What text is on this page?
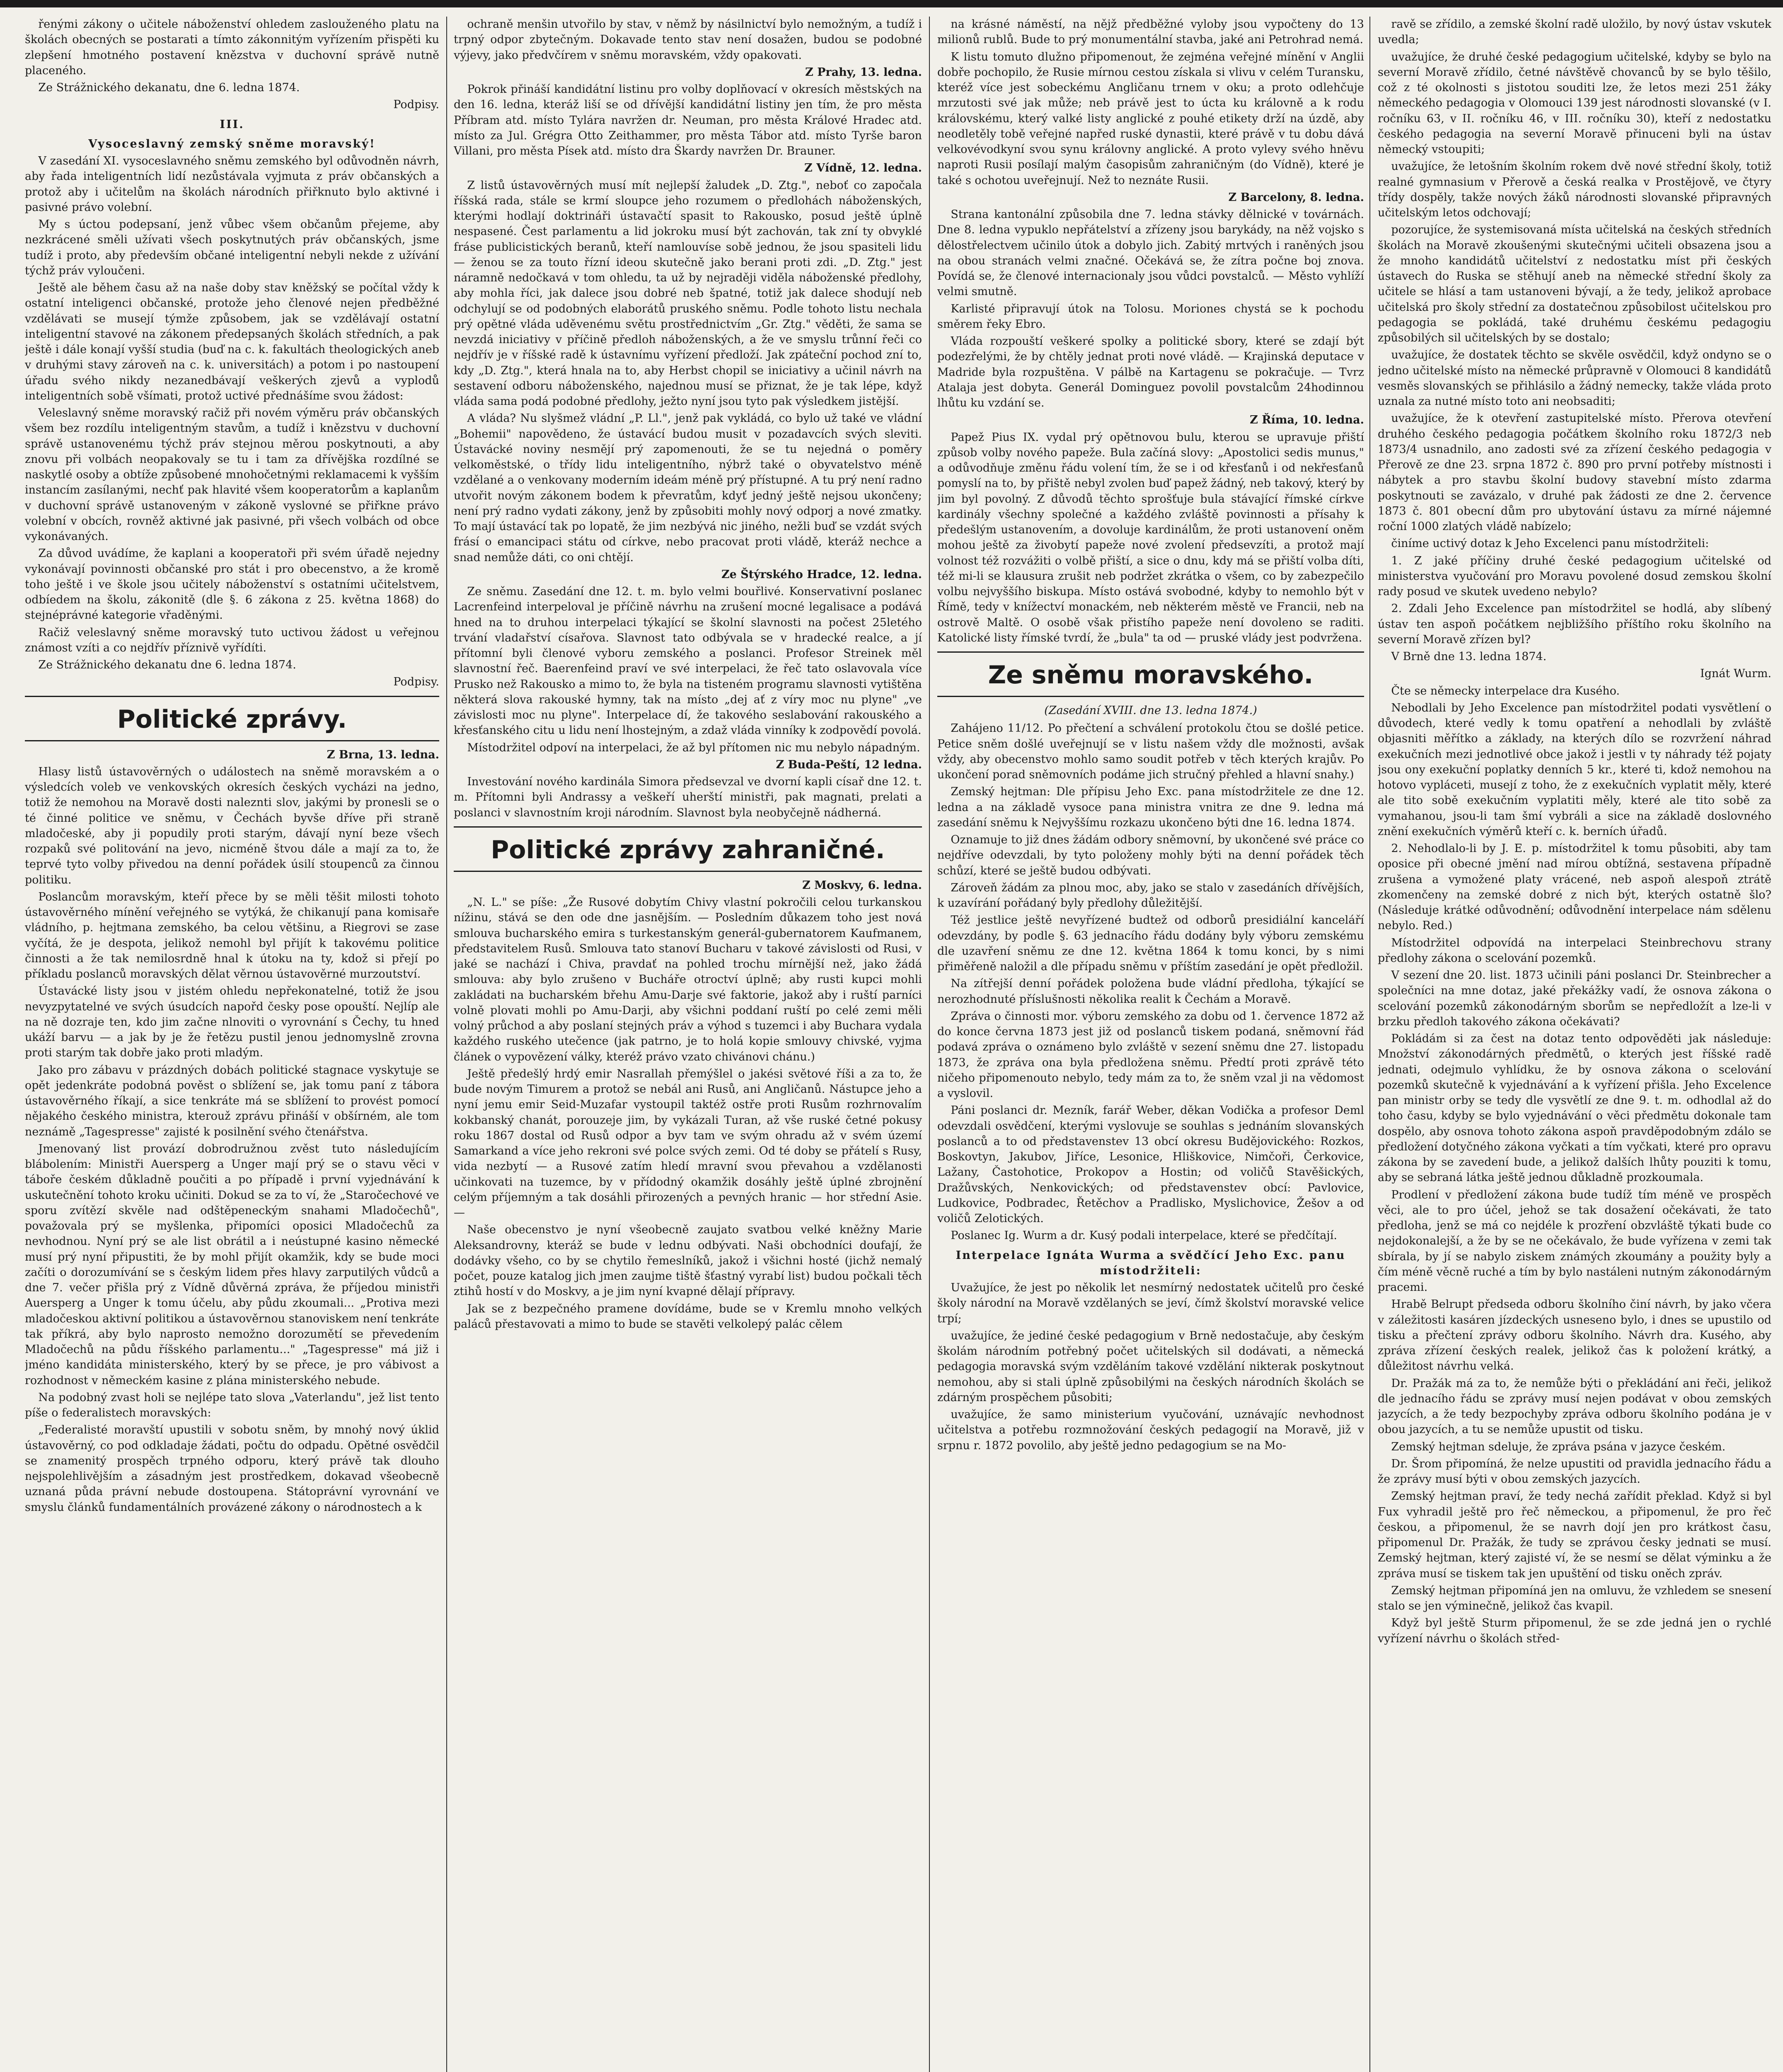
řenými zákony o učitele náboženství ohledem zaslouženého platu na školách obecných se postarati a tímto zákonnitým vyřízením přispěti ku zlepšení hmotného postavení knězstva v duchovní správě nutně placeného.

Ze Strážnického dekanatu, dne 6. ledna 1874.

Podpisy.
III.
Vysoceslavný zemský sněme moravský!

V zasedání XI. vysoceslavného sněmu zemského byl odůvodněn návrh, aby řada inteligentních lidí nezůstávala vyjmuta z práv občanských a protož aby i učitelům na školách národních přiřknuto bylo aktivné i pasivné právo volební.

My s úctou podepsaní, jenž vůbec všem občanům přejeme, aby nezkrácené směli užívati všech poskytnutých práv občanských, jsme tudíž i proto, aby především občané inteligentní nebyli nekde z užívání týchž práv vyloučeni.

Ještě ale během času až na naše doby stav kněžský se počítal vždy k ostatní inteligenci občanské, protože jeho členové nejen předběžné vzdělávati se musejí týmže způsobem, jak se vzdělávají ostatní inteligentní stavové na zákonem předepsaných školách středních, a pak ještě i dále konají vyšší studia (buď na c. k. fakultách theologických aneb v druhými stavy zároveň na c. k. universitách) a potom i po nastoupení úřadu svého nikdy nezanedbávají veškerých zjevů a vyplodů inteligentních sobě všímati, protož uctivé přednášíme svou žádost:

Veleslavný sněme moravský račiž při novém výměru práv občanských všem bez rozdílu inteligentným stavům, a tudíž i knězstvu v duchovní správě ustanovenému týchž práv stejnou měrou poskytnouti, a aby znovu při volbách neopakovaly se tu i tam za dřívějška rozdílné se naskytlé osoby a obtíže způsobené mnohočetnými reklamacemi k vyšším instancím zasílanými, nechť pak hlavité všem kooperatorům a kaplanům v duchovní správě ustanoveným v zákoně vyslovné se přiřkne právo volební v obcích, rovněž aktivné jak pasivné, při všech volbách od obce vykonávaných.

Za důvod uvádíme, že kaplani a kooperatoři při svém úřadě nejedny vykonávají povinnosti občanské pro stát i pro obecenstvo, a že kromě toho ještě i ve škole jsou učitely náboženství s ostatními učitelstvem, odbíedem na školu, zákonitě (dle §. 6 zákona z 25. května 1868) do stejnéprávné kategorie vřaděnými.

Račiž veleslavný sněme moravský tuto uctivou žádost u veřejnou známost vzíti a co nejdřív příznivě vyřídíti.

Ze Strážnického dekanatu dne 6. ledna 1874.

Podpisy.
Politické zprávy.
Z Brna, 13. ledna.

Hlasy listů ústavověrných o událostech na sněmě moravském a o výsledcích voleb ve venkovských okresích českých vycházi na jedno, totiž že nemohou na Moravě dosti naleznti slov, jakými by pronesli se o té činné politice ve sněmu, v Čechách byvše dříve při straně mladočeské, aby ji popudily proti starým, dávají nyní beze všech rozpaků své politování na jevo, nicméně štvou dále a mají za to, že teprvé tyto volby přivedou na denní pořádek úsilí stoupenců za činnou politiku.

Poslancům moravským, kteří přece by se měli těšit milosti tohoto ústavověrného mínění veřejného se vytýká, že chikanují pana komisaře vládního, p. hejtmana zemského, ba celou většinu, a Riegrovi se zase vyčítá, že je despota, jelikož nemohl byl přijít k takovému politice činnosti a že tak nemilosrdně hnal k útoku na ty, kdož si přejí po příkladu poslanců moravských dělat věrnou ústavověrné murzoutství.

Ústavácké listy jsou v jistém ohledu nepřekonatelné, totiž že jsou nevyzpytatelné ve svých úsudcích napořd česky pose opouští. Nejlíp ale na ně dozraje ten, kdo jim začne nlnoviti o vyrovnání s Čechy, tu hned ukáží barvu — a jak by je že řetězu pustil jenou jednomyslně zrovna proti starým tak dobře jako proti mladým.

Jako pro zábavu v prázdných dobách politické stagnace vyskytuje se opět jedenkráte podobná pověst o sblížení se, jak tomu paní z tábora ústavověrného říkají, a sice tenkráte má se sblížení to provést pomocí nějakého českého ministra, kterouž zprávu přináší v obšírném, ale tom neznámě „Tagespresse" zajisté k posilnění svého čtenářstva.

Jmenovaný list provází dobrodružnou zvěst tuto následujícím blábolením: Ministři Auersperg a Unger mají prý se o stavu věci v táboře českém důkladně poučiti a po případě i první vyjednávání k uskutečnění tohoto kroku učiniti. Dokud se za to ví, že „Staročechové ve sporu zvítězí skvěle nad odštěpeneckým snahami Mladočechů", považovala prý se myšlenka, připomíci oposici Mladočechů za nevhodnou. Nyní prý se ale list obrátil a i neústupné kasino německé musí prý nyní připustiti, že by mohl přijít okamžik, kdy se bude moci začíti o dorozumívání se s českým lidem přes hlavy zarputilých vůdců a dne 7. večer přišla prý z Vídně důvěrná zpráva, že příjedou ministři Auersperg a Unger k tomu účelu, aby půdu zkoumali... „Protiva mezi mladočeskou aktivní politikou a ústavověrnou stanoviskem není tenkráte tak příkrá, aby bylo naprosto nemožno dorozumětí se převedením Mladočechů na půdu říšského parlamentu..." „Tagespresse" má již i jméno kandidáta ministerského, který by se přece, je pro vábivost a rozhodnost v německém kasine z plána ministerského nebude.

Na podobný zvast holi se nejlépe tato slova „Vaterlandu", jež list tento píše o federalistech moravských:

„Federalisté moravští upustili v sobotu sněm, by mnohý nový úklid ústavověrný, co pod odkladaje žádati, počtu do odpadu. Opětné osvědčil se znamenitý prospěch trpného odporu, který právě tak dlouho nejspolehlivějším a zásadným jest prostředkem, dokavad všeobecně uznaná půda právní nebude dostoupena. Státoprávní vyrovnání ve smyslu článků fundamentálních provázené zákony o národnostech a k

ochraně menšin utvořilo by stav, v němž by násilnictví bylo nemožným, a tudíž i trpný odpor zbytečným. Dokavade tento stav není dosažen, budou se podobné výjevy, jako předvčírem v sněmu moravském, vždy opakovati.

Z Prahy, 13. ledna.

Pokrok přináší kandidátní listinu pro volby doplňovací v okresích městských na den 16. ledna, kteráž liší se od dřívější kandidátní listiny jen tím, že pro města Příbram atd. místo Tylára navržen dr. Neuman, pro města Králové Hradec atd. místo za Jul. Grégra Otto Zeithammer, pro města Tábor atd. místo Tyrše baron Villani, pro města Písek atd. místo dra Škardy navržen Dr. Brauner.

Z Vídně, 12. ledna.

Z listů ústavověrných musí mít nejlepší žaludek „D. Ztg.", neboť co započala říšská rada, stále se krmí sloupce jeho rozumem o předlohách náboženských, kterými hodlají doktrináři ústavačtí spasit to Rakousko, posud ještě úplně nespasené. Čest parlamentu a lid jokroku musí být zachován, tak zní ty obvyklé fráse publicistických beranů, kteří namlouvíse sobě jednou, že jsou spasiteli lidu — ženou se za touto řízní ideou skutečně jako berani proti zdi. „D. Ztg." jest náramně nedočkavá v tom ohledu, ta už by nejraději viděla náboženské předlohy, aby mohla říci, jak dalece jsou dobré neb špatné, totiž jak dalece shodují neb odchylují se od podobných elaborátů pruského sněmu. Podle tohoto listu nechala prý opětné vláda uděvenému světu prostřednictvím „Gr. Ztg." věděti, že sama se nevzdá iniciativy v příčině předloh náboženských, a že ve smyslu trůnní řeči co nejdřív je v říšské radě k ústavnímu vyřízení předloží. Jak zpáteční pochod zní to, kdy „D. Ztg.", která hnala na to, aby Herbst chopil se iniciativy a učinil návrh na sestavení odboru náboženského, najednou musí se přiznat, že je tak lépe, když vláda sama podá podobné předlohy, ježto nyní jsou tyto pak výsledkem jistější.

A vláda? Nu slyšmež vládní „P. Ll.", jenž pak vykládá, co bylo už také ve vládní „Bohemii" napovědeno, že ústavácí budou musit v pozadavcích svých sleviti. Ústavácké noviny nesmějí prý zapomenouti, že se tu nejedná o poměry velkoměstské, o třídy lidu inteligentního, nýbrž také o obyvatelstvo méně vzdělané a o venkovany moderním ideám méně prý přístupné. A tu prý není radno utvořit novým zákonem bodem k převratům, kdyť jedný ještě nejsou ukončeny; není prý radno vydati zákony, jenž by způsobiti mohly nový odporj a nové zmatky. To mají ústavácí tak po lopatě, že jim nezbývá nic jiného, nežli buď se vzdát svých frásí o emancipaci státu od církve, nebo pracovat proti vládě, kteráž nechce a snad nemůže dáti, co oni chtějí.

Ze Štýrského Hradce, 12. ledna.

Ze sněmu. Zasedání dne 12. t. m. bylo velmi bouřlivé. Konservativní poslanec Lacrenfeind interpeloval je příčině návrhu na zrušení mocné legalisace a podává hned na to druhou interpelaci týkající se školní slavnosti na počest 25letého trvání vladařství císařova. Slavnost tato odbývala se v hradecké realce, a jí přítomní byli členové vyboru zemského a poslanci. Profesor Streinek měl slavnostní řeč. Baerenfeind praví ve své interpelaci, že řeč tato oslavovala více Prusko než Rakousko a mimo to, že byla na tisteném programu slavnosti vytištěna některá slova rakouské hymny, tak na místo „dej ať z víry moc nu plyne" „ve závislosti moc nu plyne". Interpelace dí, že takového seslabování rakouského a křesťanského citu u lidu není lhostejným, a zdaž vláda vinníky k zodpovědí povolá.

Místodržitel odpoví na interpelaci, že až byl přítomen nic mu nebylo nápadným.

Z Buda-Peští, 12 ledna.

Investování nového kardinála Simora předsevzal ve dvorní kapli císař dne 12. t. m. Přítomni byli Andrassy a veškeří uherští ministři, pak magnati, prelati a poslanci v slavnostním kroji národním. Slavnost byla neobyčejně nádherná.

Politické zprávy zahraničné.
Z Moskvy, 6. ledna.

„N. L." se píše: „Že Rusové dobytím Chivy vlastní pokročili celou turkanskou nížinu, stává se den ode dne jasnějším. — Posledním důkazem toho jest nová smlouva bucharského emira s turkestanským generál-gubernatorem Kaufmanem, představitelem Rusů. Smlouva tato stanoví Bucharu v takové závislosti od Rusi, v jaké se nachází i Chiva, pravdať na pohled trochu mírnější než, jako žádá smlouva: aby bylo zrušeno v Bucháře otroctví úplně; aby rusti kupci mohli zakládati na bucharském břehu Amu-Darje své faktorie, jakož aby i ruští parníci volně plovati mohli po Amu-Darji, aby všichni poddaní ruští po celé zemi měli volný průchod a aby poslaní stejných práv a výhod s tuzemci i aby Buchara vydala každého ruského utečence (jak patrno, je to holá kopie smlouvy chivské, vyjma článek o vypovězení války, kteréž právo vzato chivánovi chánu.)

Ještě předešlý hrdý emir Nasrallah přemýšlel o jakési světové říši a za to, že bude novým Timurem a protož se nebál ani Rusů, ani Angličanů. Nástupce jeho a nyní jemu emir Seid-Muzafar vystoupil taktéž ostře proti Rusům rozhrnovalím kokbanský chanát, porouzeje jim, by vykázali Turan, až vše ruské četné pokusy roku 1867 dostal od Rusů odpor a byv tam ve svým ohradu až v svém území Samarkand a více jeho rekroni své polce svých zemi. Od té doby se přátelí s Rusy, vida nezbytí — a Rusové zatím hledí mravní svou převahou a vzdělanosti učinkovati na tuzemce, by v přídodný okamžik dosáhly ještě úplné zbrojnění celým příjemným a tak dosáhli přirozených a pevných hranic — hor střední Asie. —

Naše obecenstvo je nyní všeobecně zaujato svatbou velké kněžny Marie Aleksandrovny, kteráž se bude v lednu odbývati. Naši obchodníci doufají, že dodávky všeho, co by se chytilo řemeslníků, jakož i všichni hosté (jichž nemalý počet, pouze katalog jich jmen zaujme tiště šťastný vyrabí list) budou počkali těch ztihů hostí v do Moskvy, a je jim nyní kvapné dělají přípravy.

Jak se z bezpečného pramene dovídáme, bude se v Kremlu mnoho velkých paláců přestavovati a mimo to bude se stavěti velkolepý palác cělem

na krásné náměstí, na nějž předběžné vyloby jsou vypočteny do 13 milionů rublů. Bude to prý monumentální stavba, jaké ani Petrohrad nemá.

K listu tomuto dlužno připomenout, že zejména veřejné mínění v Anglii dobře pochopilo, že Rusie mírnou cestou získala si vlivu v celém Turansku, kteréž více jest sobeckému Angličanu trnem v oku; a proto odlehčuje mrzutosti své jak může; neb právě jest to úcta ku královně a k rodu královskému, který valké listy anglické z pouhé etikety drží na úzdě, aby neodletěly tobě veřejné napřed ruské dynastii, které právě v tu dobu dává velkovévodkyní svou synu královny anglické. A proto vylevy svého hněvu naproti Rusii posílají malým časopisům zahraničným (do Vídně), které je také s ochotou uveřejnují. Než to neznáte Rusii.

Z Barcelony, 8. ledna.

Strana kantonální způsobila dne 7. ledna stávky dělnické v továrnách. Dne 8. ledna vypuklo nepřátelství a zřízeny jsou barykády, na něž vojsko s dělostřelectvem učinilo útok a dobylo jich. Zabitý mrtvých i raněných jsou na obou stranách velmi značné. Očekává se, že zítra počne boj znova. Povídá se, že členové internacionaly jsou vůdci povstalců. — Město vyhlíží velmi smutně.

Karlisté připravují útok na Tolosu. Moriones chystá se k pochodu směrem řeky Ebro.

Vláda rozpouští veškeré spolky a politické sbory, které se zdají být podezřelými, že by chtěly jednat proti nové vládě. — Krajinská deputace v Madride byla rozpuštěna. V pálbě na Kartagenu se pokračuje. — Tvrz Atalaja jest dobyta. Generál Dominguez povolil povstalcům 24hodinnou lhůtu ku vzdání se.

Z Říma, 10. ledna.

Papež Pius IX. vydal prý opětnovou bulu, kterou se upravuje přiští způsob volby nového papeže. Bula začíná slovy: „Apostolici sedis munus," a odůvodňuje změnu řádu volení tím, že se i od křesťanů i od nekřesťanů pomyslí na to, by přiště nebyl zvolen buď papež žádný, neb takový, který by jim byl povolný. Z důvodů těchto sprošťuje bula stávající římské církve kardinály všechny společné a každého zvláště povinnosti a přísahy k předešlým ustanovením, a dovoluje kardinálům, že proti ustanovení oněm mohou ještě za živobytí papeže nové zvolení předsevzíti, a protož mají volnost též rozvážiti o volbě přiští, a sice o dnu, kdy má se přiští volba díti, též mi-li se klausura zrušit neb podržet zkrátka o všem, co by zabezpečilo volbu nejvyššího biskupa. Místo ostává svobodné, kdyby to nemohlo být v Římě, tedy v knížectví monackém, neb některém městě ve Francii, neb na ostrově Maltě. O osobě však přistího papeže není dovoleno se raditi. Katolické listy římské tvrdí, že „bula" ta od — pruské vlády jest podvržena.

Ze sněmu moravského.
(Zasedání XVIII. dne 13. ledna 1874.)

Zahájeno 11/12. Po přečtení a schválení protokolu čtou se došlé petice. Petice sněm došlé uveřejnují se v listu našem vždy dle možnosti, avšak vždy, aby obecenstvo mohlo samo soudit potřeb v těch kterých krajův. Po ukončení porad sněmovních podáme jich stručný přehled a hlavní snahy.)

Zemský hejtman: Dle přípisu Jeho Exc. pana místodržitele ze dne 12. ledna a na základě vysoce pana ministra vnitra ze dne 9. ledna má zasedání sněmu k Nejvyššímu rozkazu ukončeno býti dne 16. ledna 1874.

Oznamuje to již dnes žádám odbory sněmovní, by ukončené své práce co nejdříve odevzdali, by tyto položeny mohly býti na denní pořádek těch schůzí, které se ještě budou odbývati.

Zároveň žádám za plnou moc, aby, jako se stalo v zasedáních dřívějších, k uzavírání pořádaný byly předlohy důležitější.

Též jestlice ještě nevyřízené budtež od odborů presidiální kanceláří odevzdány, by podle §. 63 jednacího řádu dodány byly výboru zemskému dle uzavření sněmu ze dne 12. května 1864 k tomu konci, by s nimi přiměřeně naložil a dle případu sněmu v příštím zasedání je opět předložil.

Na zítřejší denní pořádek položena bude vládní předloha, týkající se nerozhodnuté příslušnosti několika realit k Čechám a Moravě.

Zpráva o činnosti mor. výboru zemského za dobu od 1. července 1872 až do konce června 1873 jest již od poslanců tiskem podaná, sněmovní řád podavá zpráva o oznámeno bylo zvláště v sezení sněmu dne 27. listopadu 1873, že zpráva ona byla předložena sněmu. Předtí proti zprávě této ničeho připomenouto nebylo, tedy mám za to, že sněm vzal ji na vědomost a vyslovil.

Páni poslanci dr. Mezník, farář Weber, děkan Vodička a profesor Deml odevzdali osvědčení, kterými vyslovuje se souhlas s jednáním slovanských poslanců a to od představenstev 13 obcí okresu Budějovického: Rozkos, Boskovtyn, Jakubov, Jiříce, Lesonice, Hliškovice, Nimčoři, Čerkovice, Lažany, Častohotice, Prokopov a Hostin; od voličů Stavěšických, Dražůvských, Nenkovických; od představenstev obcí: Pavlovice, Ludkovice, Podbradec, Řetěchov a Pradlisko, Myslichovice, Žešov a od voličů Zelotických.

Poslanec Ig. Wurm a dr. Kusý podali interpelace, které se předčítají.

Interpelace Ignáta Wurma a svědčící Jeho Exc. panu místodržiteli:

Uvažujíce, že jest po několik let nesmírný nedostatek učitelů pro české školy národní na Moravě vzdělaných se jeví, čímž školství moravské velice trpí;

uvažujíce, že jediné české pedagogium v Brně nedostačuje, aby českým školám národním potřebný počet učitelských sil dodávati, a německá pedagogia moravská svým vzděláním takové vzdělání nikterak poskytnout nemohou, aby si stali úplně způsobilými na českých národních školách se zdárným prospěchem působiti;

uvažujíce, že samo ministerium vyučování, uznávajíc nevhodnost učitelstva a potřebu rozmnožování českých pedagogií na Moravě, již v srpnu r. 1872 povolilo, aby ještě jedno pedagogium se na Mo-

ravě se zřídilo, a zemské školní radě uložilo, by nový ústav vskutek uvedla;

uvažujíce, že druhé české pedagogium učitelské, kdyby se bylo na severní Moravě zřídilo, četné návštěvě chovanců by se bylo těšilo, což z té okolnosti s jistotou souditi lze, že letos mezi 251 žáky německého pedagogia v Olomouci 139 jest národnosti slovanské (v I. ročníku 63, v II. ročníku 46, v III. ročníku 30), kteří z nedostatku českého pedagogia na severní Moravě přinuceni byli na ústav německý vstoupiti;

uvažujíce, že letošním školním rokem dvě nové střední školy, totiž realné gymnasium v Přerově a česká realka v Prostějově, ve čtyry třídy dospěly, takže nových žáků národnosti slovanské připravných učitelským letos odchovají;

pozorujíce, že systemisovaná místa učitelská na českých středních školách na Moravě zkoušenými skutečnými učiteli obsazena jsou a že mnoho kandidátů učitelství z nedostatku míst při českých ústavech do Ruska se stěhují aneb na německé střední školy za učitele se hlásí a tam ustanoveni bývají, a že tedy, jelikož aprobace učitelská pro školy střední za dostatečnou způsobilost učitelskou pro pedagogia se pokládá, také druhému českému pedagogiu způsobilých sil učitelských by se dostalo;

uvažujíce, že dostatek těchto se skvěle osvědčil, když ondyno se o jedno učitelské místo na německé průpravně v Olomouci 8 kandidátů vesměs slovanských se přihlásilo a žádný nemecky, takže vláda proto uznala za nutné místo toto ani neobsaditi;

uvažujíce, že k otevření zastupitelské místo. Přerova otevření druhého českého pedagogia počátkem školního roku 1872/3 neb 1873/4 usnadnilo, ano zadosti své za zřízení českého pedagogia v Přerově ze dne 23. srpna 1872 č. 890 pro první potřeby místnosti i nábytek a pro stavbu školní budovy stavební místo zdarma poskytnouti se zavázalo, v druhé pak žádosti ze dne 2. července 1873 č. 801 obecní dům pro ubytování ústavu za mírné nájemné roční 1000 zlatých vládě nabízelo;

činíme uctivý dotaz k Jeho Excelenci panu místodržiteli:

1. Z jaké příčiny druhé české pedagogium učitelské od ministerstva vyučování pro Moravu povolené dosud zemskou školní rady posud ve skutek uvedeno nebylo?

2. Zdali Jeho Excelence pan místodržitel se hodlá, aby slíbený ústav ten aspoň počátkem nejbližšího příštího roku školního na severní Moravě zřízen byl?

V Brně dne 13. ledna 1874.

Ignát Wurm.

Čte se německy interpelace dra Kusého.

Nebodlali by Jeho Excelence pan místodržitel podati vysvětlení o důvodech, které vedly k tomu opatření a nehodlali by zvláště objasniti měřítko a základy, na kterých dílo se rozvržení náhrad exekučních mezi jednotlivé obce jakož i jestli v ty náhrady též pojaty jsou ony exekuční poplatky denních 5 kr., které ti, kdož nemohou na hotovo vypláceti, musejí z toho, že z exekučních vyplatit měly, které ale tito sobě exekučním vyplatiti měly, které ale tito sobě za vymahanou, jsou-li tam šmí vybráli a sice na základě doslovného znění exekučních výměrů kteří c. k. berních úřadů.

2. Nehodlalo-li by J. E. p. místodržitel k tomu působiti, aby tam oposice při obecné jmění nad mírou obtížná, sestavena případně zrušena a vymožené platy vrácené, neb aspoň alespoň ztrátě zkomenčeny na zemské dobré z nich být, kterých ostatně šlo? (Následuje krátké odůvodnění; odůvodnění interpelace nám sdělenu nebylo. Red.)

Místodržitel odpovídá na interpelaci Steinbrechovu strany předlohy zákona o scelování pozemků.

V sezení dne 20. list. 1873 učinili páni poslanci Dr. Steinbrecher a společníci na mne dotaz, jaké překážky vadí, že osnova zákona o scelování pozemků zákonodárným sborům se nepředložít a lze-li v brzku předloh takového zákona očekávati?

Pokládám si za čest na dotaz tento odpověděti jak následuje: Množství zákonodárných předmětů, o kterých jest říšské radě jednati, odejmulo vyhlídku, že by osnova zákona o scelování pozemků skutečně k vyjednávání a k vyřízení přišla. Jeho Excelence pan ministr orby se tedy dle vysvětlí ze dne 9. t. m. odhodlal až do toho času, kdyby se bylo vyjednávání o věci předmětu dokonale tam dospělo, aby osnova tohoto zákona aspoň pravděpodobným zdálo se předložení dotyčného zákona vyčkati a tím vyčkati, které pro opravu zákona by se zavedení bude, a jelikož dalších lhůty pouziti k tomu, aby se sebraná látka ještě jednou důkladně prozkoumala.

Prodlení v předložení zákona bude tudíž tím méně ve prospěch věci, ale to pro účel, jehož se tak dosažení očekávati, že tato předloha, jenž se má co nejdéle k prozření obzvláště týkati bude co nejdokonalejší, a že by se ne očekávalo, že bude vyřízena v zemi tak sbírala, by jí se nabylo ziskem známých zkoumány a použity byly a čím méně věcně ruché a tím by bylo nastáleni nutným zákonodárným pracemi.

Hrabě Belrupt předseda odboru školního činí návrh, by jako včera v záležitosti kasáren jízdeckých usneseno bylo, i dnes se upustilo od tisku a přečtení zprávy odboru školního. Návrh dra. Kusého, aby zpráva zřízení českých realek, jelikož čas k položení krátký, a důležitost návrhu velká.

Dr. Pražák má za to, že nemůže býti o překládání ani řeči, jelikož dle jednacího řádu se zprávy musí nejen podávat v obou zemských jazycích, a že tedy bezpochyby zpráva odboru školního podána je v obou jazycích, a tu se nemůže upustit od tisku.

Zemský hejtman sdeluje, že zpráva psána v jazyce českém.

Dr. Šrom připomíná, že nelze upustiti od pravidla jednacího řádu a že zprávy musí býti v obou zemských jazycích.

Zemský hejtman praví, že tedy nechá zařídit překlad. Když si byl Fux vyhradil ještě pro řeč německou, a připomenul, že pro řeč českou, a připomenul, že se navrh dojí jen pro krátkost času, připomenul Dr. Pražák, že tudy se zprávou česky jednati se musí. Zemský hejtman, který zajisté ví, že se nesmí se dělat výminku a že zpráva musí se tiskem tak jen upuštění od tisku oněch zpráv.

Zemský hejtman připomíná jen na omluvu, že vzhledem se snesení stalo se jen výminečně, jelikož čas kvapil.

Když byl ještě Sturm připomenul, že se zde jedná jen o rychlé vyřízení návrhu o školách střed-
